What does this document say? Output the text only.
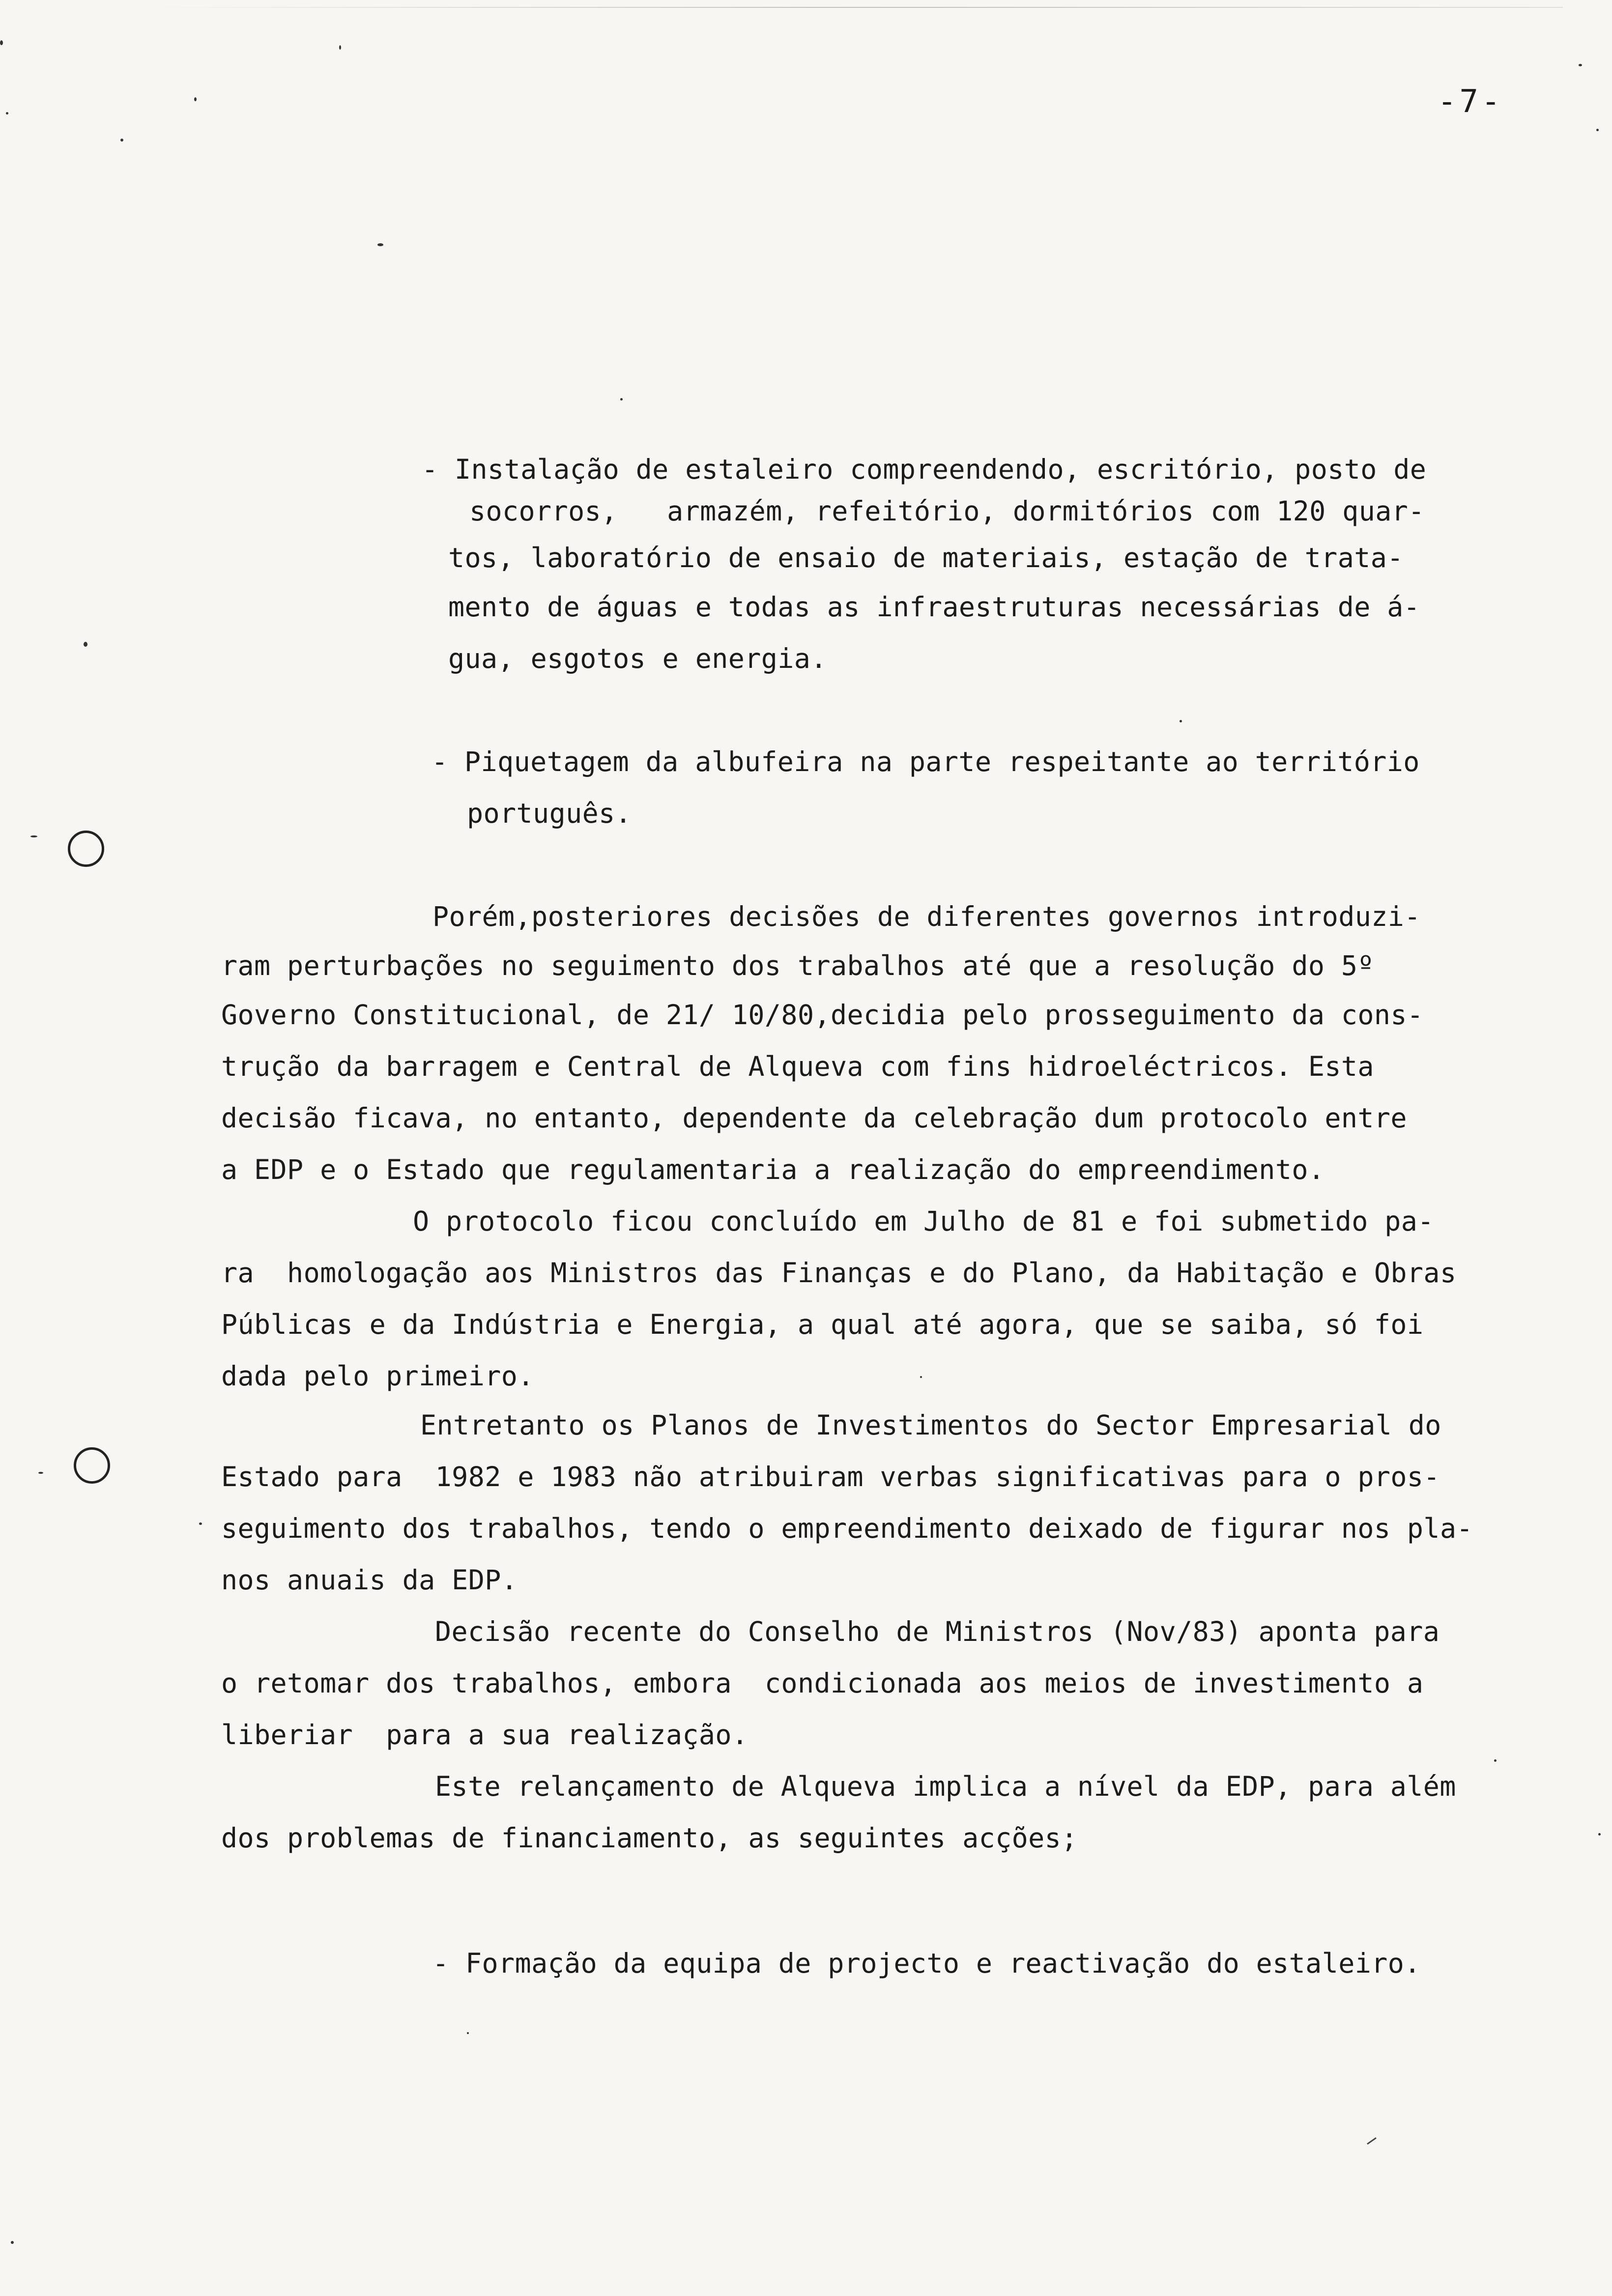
-7-
- Instalação de estaleiro compreendendo, escritório, posto de
socorros,   armazém, refeitório, dormitórios com 120 quar-
tos, laboratório de ensaio de materiais, estação de trata-
mento de águas e todas as infraestruturas necessárias de á-
gua, esgotos e energia.
- Piquetagem da albufeira na parte respeitante ao território
português.
Porém,posteriores decisões de diferentes governos introduzi-
ram perturbações no seguimento dos trabalhos até que a resolução do 5º
Governo Constitucional, de 21/ 10/80,decidia pelo prosseguimento da cons-
trução da barragem e Central de Alqueva com fins hidroeléctricos. Esta
decisão ficava, no entanto, dependente da celebração dum protocolo entre
a EDP e o Estado que regulamentaria a realização do empreendimento.
O protocolo ficou concluído em Julho de 81 e foi submetido pa-
ra  homologação aos Ministros das Finanças e do Plano, da Habitação e Obras
Públicas e da Indústria e Energia, a qual até agora, que se saiba, só foi
dada pelo primeiro.
Entretanto os Planos de Investimentos do Sector Empresarial do
Estado para  1982 e 1983 não atribuiram verbas significativas para o pros-
seguimento dos trabalhos, tendo o empreendimento deixado de figurar nos pla-
nos anuais da EDP.
Decisão recente do Conselho de Ministros (Nov/83) aponta para
o retomar dos trabalhos, embora  condicionada aos meios de investimento a
liberiar  para a sua realização.
Este relançamento de Alqueva implica a nível da EDP, para além
dos problemas de financiamento, as seguintes acções;
- Formação da equipa de projecto e reactivação do estaleiro.
